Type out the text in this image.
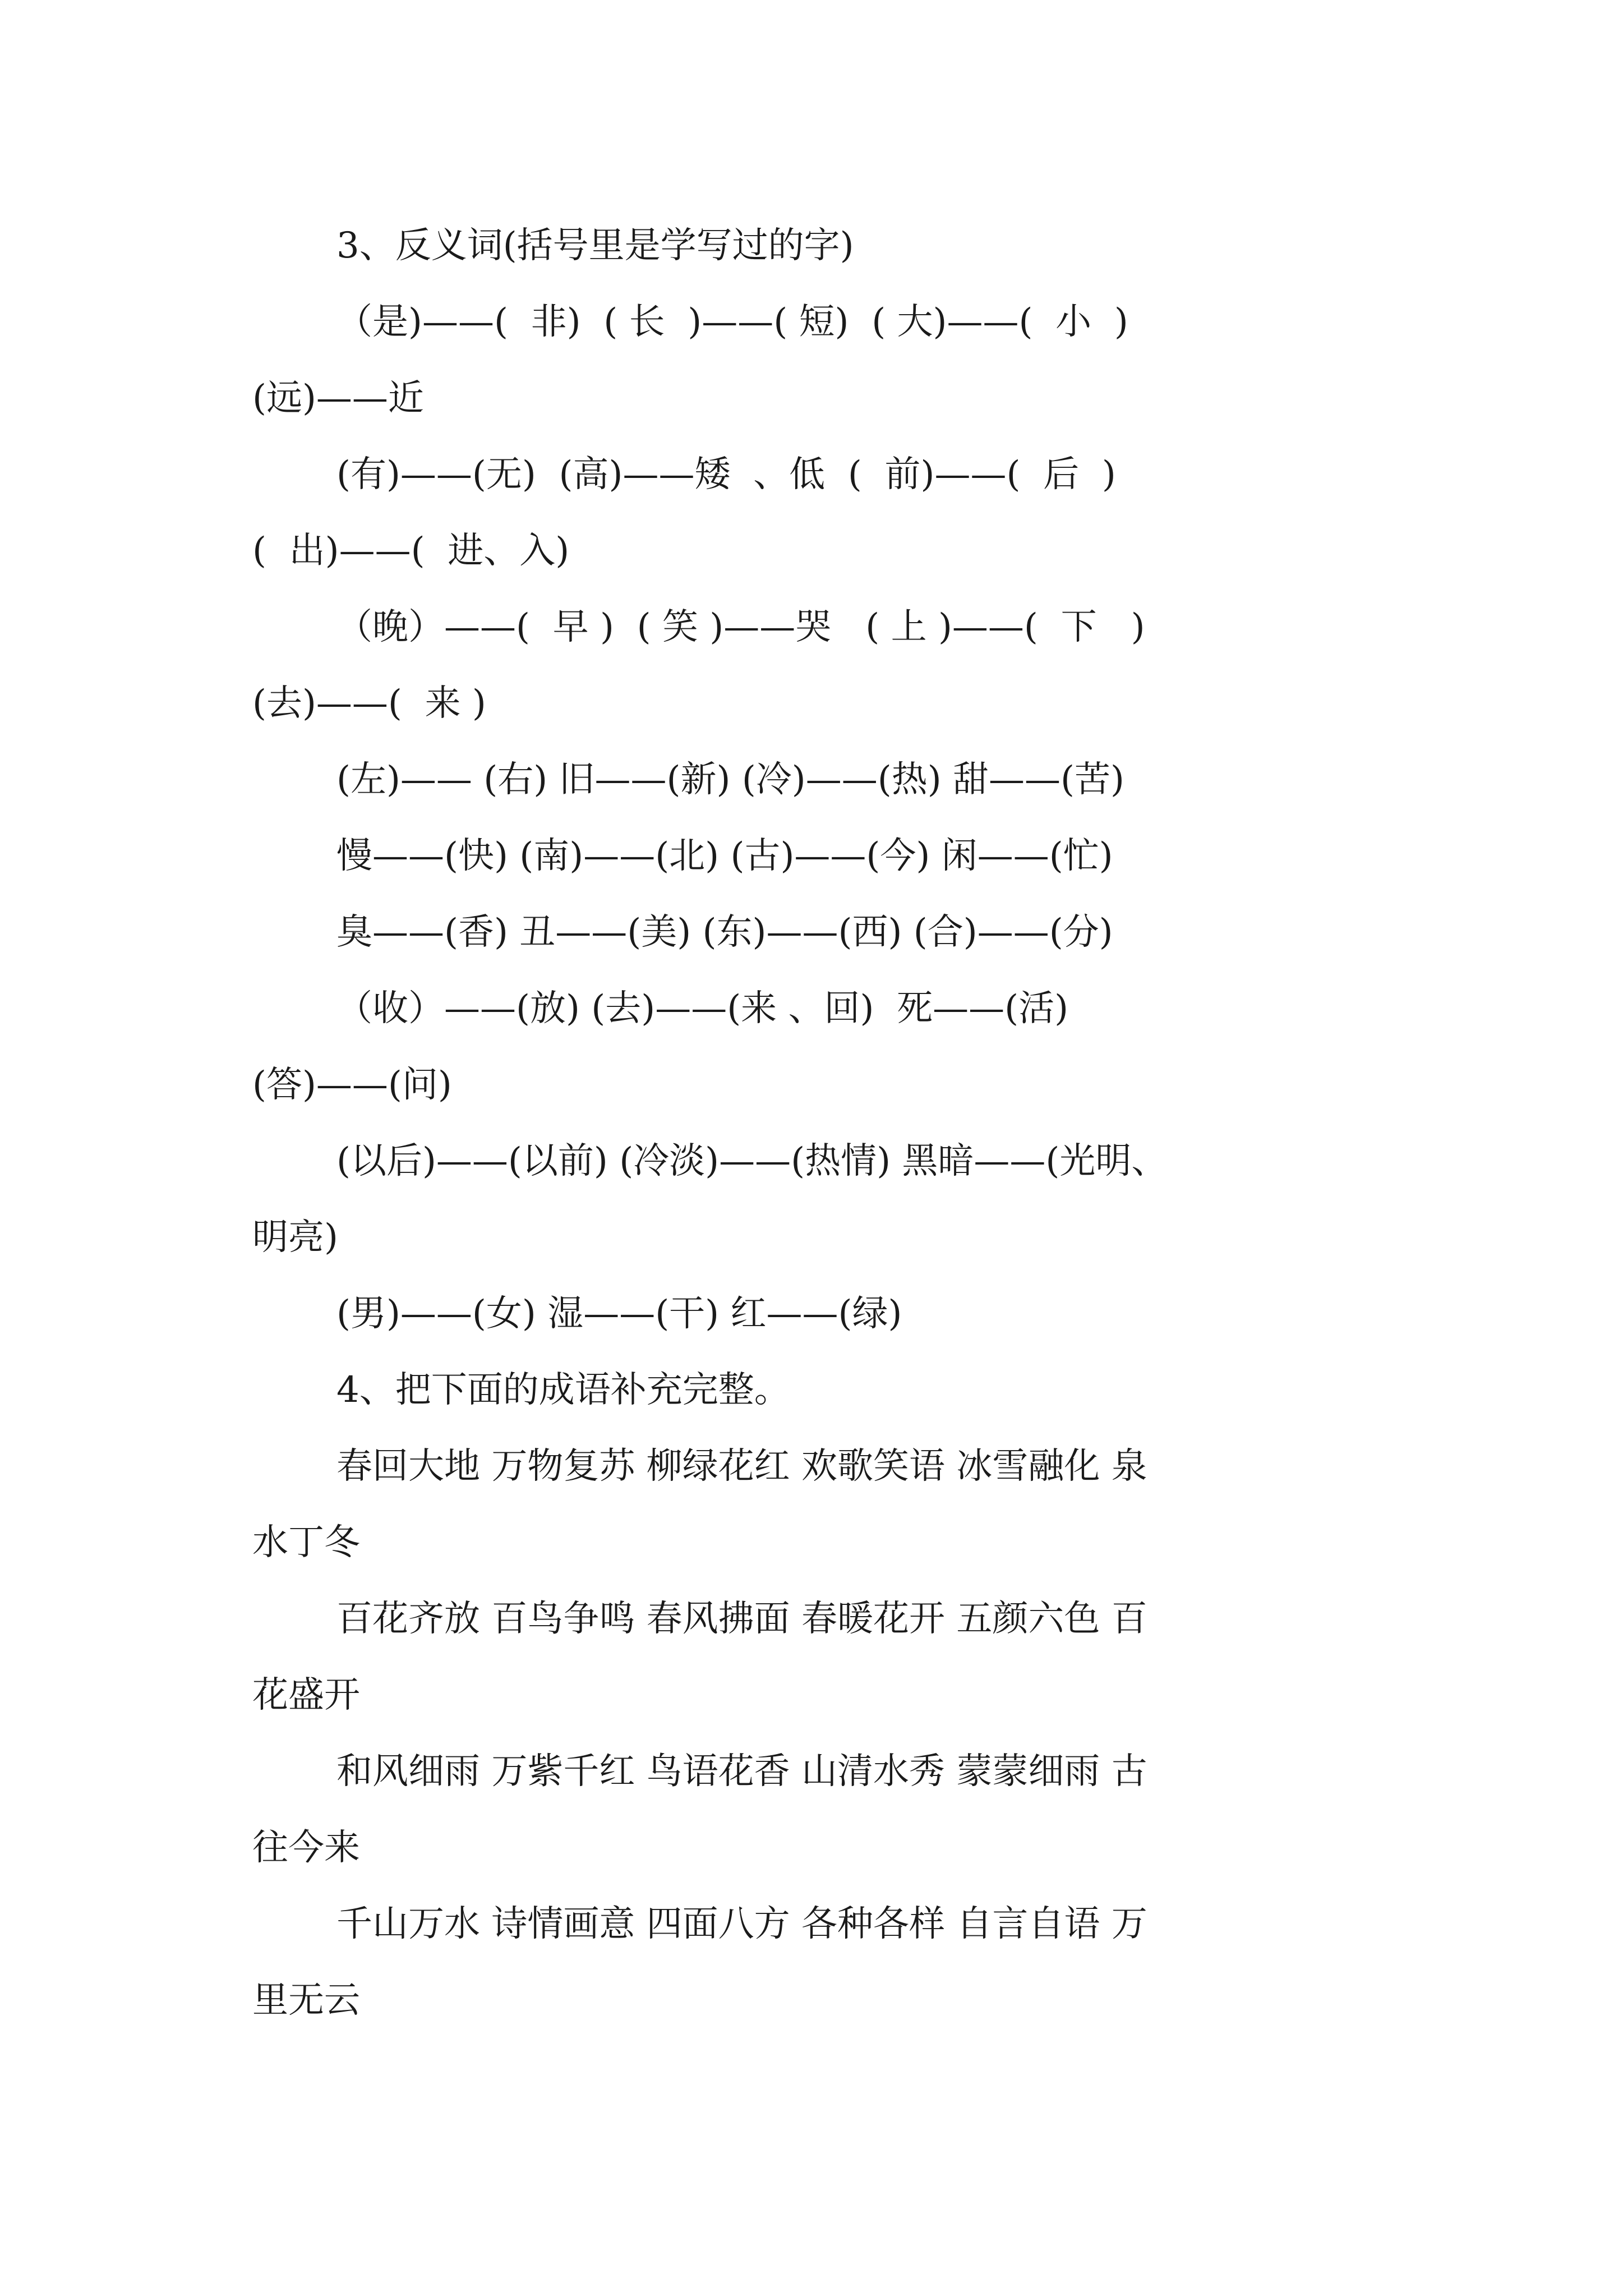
3、反义词(括号里是学写过的字)

（是)——(  非)  ( 长  )——( 短)  ( 大)——(  小  )

(远)——近

(有)——(无)  (高)——矮  、低  (  前)——(  后  )

(  出)——(  进、入)

（晚）——(  早 )  ( 笑 )——哭   ( 上 )——(  下   )

(去)——(  来 )

(左)—— (右) 旧——(新) (冷)——(热) 甜——(苦)

慢——(快) (南)——(北) (古)——(今) 闲——(忙)

臭——(香) 丑——(美) (东)——(西) (合)——(分)

（收）——(放) (去)——(来 、回)  死——(活)

(答)——(问)

(以后)——(以前) (冷淡)——(热情) 黑暗——(光明、

明亮)

(男)——(女) 湿——(干) 红——(绿)

4、把下面的成语补充完整。

春回大地 万物复苏 柳绿花红 欢歌笑语 冰雪融化 泉

水丁冬

百花齐放 百鸟争鸣 春风拂面 春暖花开 五颜六色 百

花盛开

和风细雨 万紫千红 鸟语花香 山清水秀 蒙蒙细雨 古

往今来

千山万水 诗情画意 四面八方 各种各样 自言自语 万

里无云
